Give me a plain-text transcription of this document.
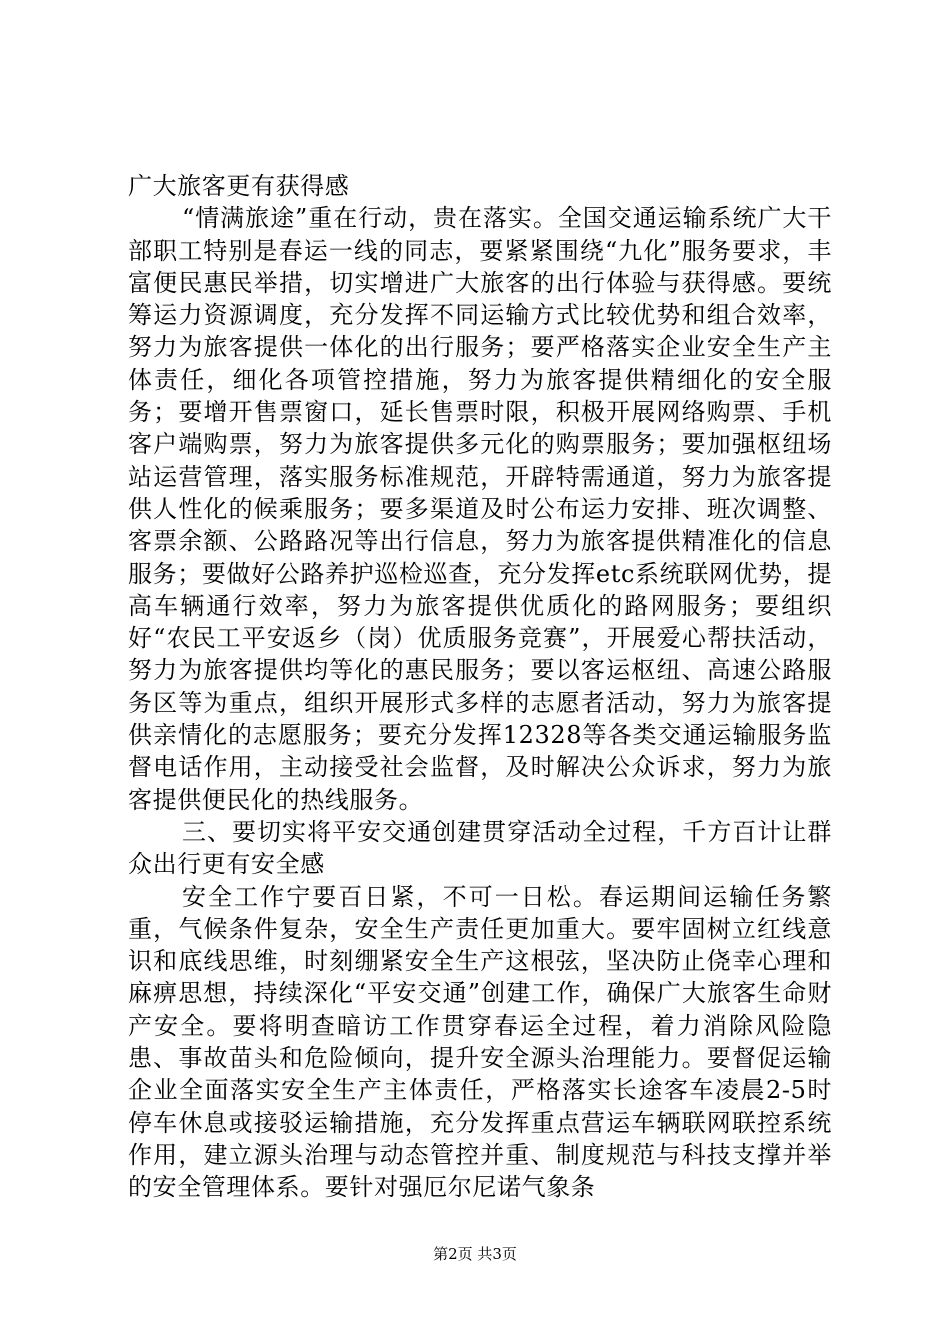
广大旅客更有获得感

“情满旅途”重在行动，贵在落实。全国交通运输系统广大干部职工特别是春运一线的同志，要紧紧围绕“九化”服务要求，丰富便民惠民举措，切实增进广大旅客的出行体验与获得感。要统筹运力资源调度，充分发挥不同运输方式比较优势和组合效率，努力为旅客提供一体化的出行服务；要严格落实企业安全生产主体责任，细化各项管控措施，努力为旅客提供精细化的安全服务；要增开售票窗口，延长售票时限，积极开展网络购票、手机客户端购票，努力为旅客提供多元化的购票服务；要加强枢纽场站运营管理，落实服务标准规范，开辟特需通道，努力为旅客提供人性化的候乘服务；要多渠道及时公布运力安排、班次调整、客票余额、公路路况等出行信息，努力为旅客提供精准化的信息服务；要做好公路养护巡检巡查，充分发挥etc系统联网优势，提高车辆通行效率，努力为旅客提供优质化的路网服务；要组织好“农民工平安返乡（岗）优质服务竞赛”，开展爱心帮扶活动，努力为旅客提供均等化的惠民服务；要以客运枢纽、高速公路服务区等为重点，组织开展形式多样的志愿者活动，努力为旅客提供亲情化的志愿服务；要充分发挥12328等各类交通运输服务监督电话作用，主动接受社会监督，及时解决公众诉求，努力为旅客提供便民化的热线服务。

三、要切实将平安交通创建贯穿活动全过程，千方百计让群众出行更有安全感

安全工作宁要百日紧，不可一日松。春运期间运输任务繁重，气候条件复杂，安全生产责任更加重大。要牢固树立红线意识和底线思维，时刻绷紧安全生产这根弦，坚决防止侥幸心理和麻痹思想，持续深化“平安交通”创建工作，确保广大旅客生命财产安全。要将明查暗访工作贯穿春运全过程，着力消除风险隐患、事故苗头和危险倾向，提升安全源头治理能力。要督促运输企业全面落实安全生产主体责任，严格落实长途客车凌晨2-5时停车休息或接驳运输措施，充分发挥重点营运车辆联网联控系统作用，建立源头治理与动态管控并重、制度规范与科技支撑并举的安全管理体系。要针对强厄尔尼诺气象条

第2页 共3页
